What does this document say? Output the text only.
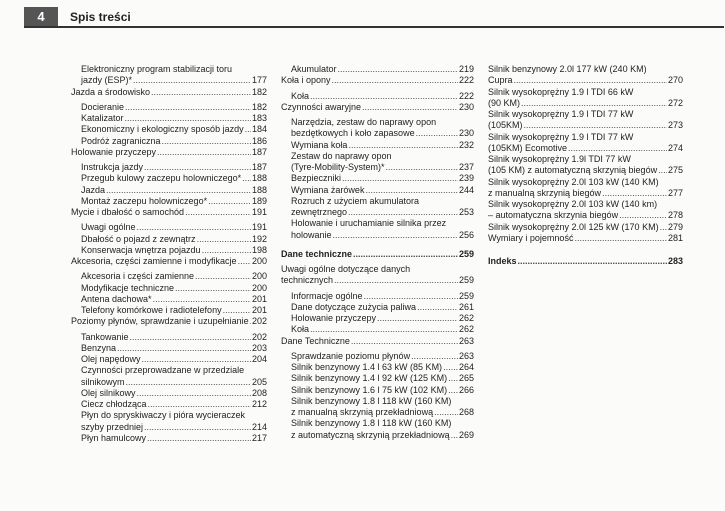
4	Spis treści
Elektroniczny program stabilizacji toru
jazdy (ESP)* .....	177
Jazda a środowisko .....	182
Docieranie .....	182
Katalizator .....	183
Ekonomiczny i ekologiczny sposób jazdy ..... 184
Podróż zagraniczna .....	186
Holowanie przyczepy .....	187
Instrukcja jazdy .....	187
Przegub kulowy zaczepu holowniczego* ..... 188
Jazda .....	188
Montaż zaczepu holowniczego* .....	189
Mycie i dbałość o samochód .....	191
Uwagi ogólne .....	191
Dbałość o pojazd z zewnątrz .....	192
Konserwacja wnętrza pojazdu .....	198
Akcesoria, części zamienne i modyfikacje ..... 200
Akcesoria i części zamienne .....	200
Modyfikacje techniczne .....	200
Antena dachowa* .....	201
Telefony komórkowe i radiotelefony .....	201
Poziomy płynów, sprawdzanie i uzupełnianie ..... 202
Tankowanie .....	202
Benzyna .....	203
Olej napędowy .....	204
Czynności przeprowadzane w przedziale
silnikowym .....	205
Olej silnikowy .....	208
Ciecz chłodząca .....	212
Płyn do spryskiwaczy i pióra wycieraczek
szyby przedniej .....	214
Płyn hamulcowy .....	217
Akumulator .....	219
Koła i opony .....	222
Koła .....	222
Czynności awaryjne .....	230
Narzędzia, zestaw do naprawy opon
bezdętkowych i koło zapasowe .....	230
Wymiana koła .....	232
Zestaw do naprawy opon
(Tyre-Mobility-System)* .....	237
Bezpieczniki .....	239
Wymiana żarówek .....	244
Rozruch z użyciem akumulatora
zewnętrznego .....	253
Holowanie i uruchamianie silnika przez
holowanie .....	256
Dane techniczne .....	259
Uwagi ogólne dotyczące danych
technicznych .....	259
Informacje ogólne .....	259
Dane dotyczące zużycia paliwa .....	261
Holowanie przyczepy .....	262
Koła .....	262
Dane Techniczne .....	263
Sprawdzanie poziomu płynów .....	263
Silnik benzynowy 1.4 l 63 kW (85 KM) ..... 264
Silnik benzynowy 1.4 l 92 kW (125 KM) ..... 265
Silnik benzynowy 1.6 l 75 kW (102 KM) ..... 266
Silnik benzynowy 1.8 l 118 kW (160 KM)
z manualną skrzynią przekładniową .....	268
Silnik benzynowy 1.8 l 118 kW (160 KM)
z automatyczną skrzynią przekładniową ..... 269
Silnik benzynowy 2.0l 177 kW (240 KM)
Cupra .....	270
Silnik wysokoprężny 1.9 l TDI 66 kW
(90 KM) .....	272
Silnik wysokoprężny 1.9 l TDI 77 kW
(105KM) .....	273
Silnik wysokoprężny 1.9 l TDI 77 kW
(105KM) Ecomotive .....	274
Silnik wysokoprężny 1.9l TDI 77 kW
(105 KM) z automatyczną skrzynią biegów ..... 275
Silnik wysokoprężny 2.0l 103 kW (140 KM)
z manualną skrzynią biegów .....	277
Silnik wysokoprężny 2.0l 103 kW (140 km)
– automatyczna skrzynia biegów .....	278
Silnik wysokoprężny 2.0l 125 kW (170 KM) ..... 279
Wymiary i pojemność .....	281
Indeks .....	283
